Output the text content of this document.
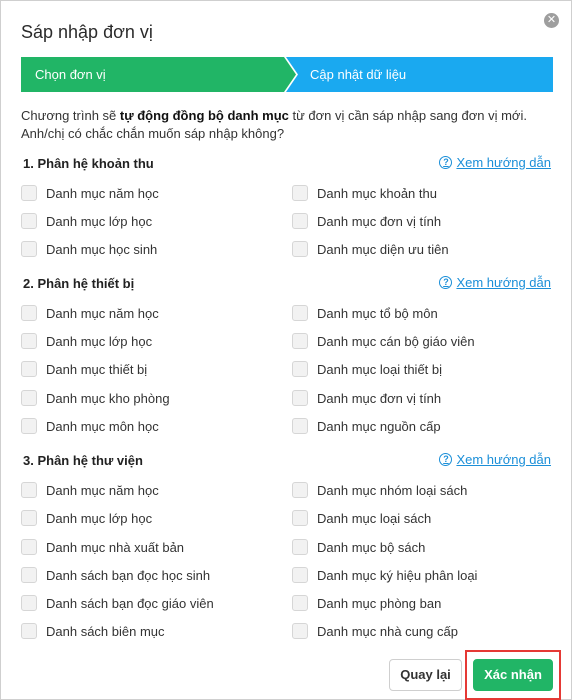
Sáp nhập đơn vị
✕
Chọn đơn vị	Cập nhật dữ liệu
Chương trình sẽ tự động đồng bộ danh mục từ đơn vị cần sáp nhập sang đơn vị mới. Anh/chị có chắc chắn muốn sáp nhập không?
1. Phân hệ khoản thu	? Xem hướng dẫn
Danh mục năm học
Danh mục lớp học
Danh mục học sinh
Danh mục khoản thu
Danh mục đơn vị tính
Danh mục diện ưu tiên
2. Phân hệ thiết bị	? Xem hướng dẫn
Danh mục năm học
Danh mục lớp học
Danh mục thiết bị
Danh mục kho phòng
Danh mục môn học
Danh mục tổ bộ môn
Danh mục cán bộ giáo viên
Danh mục loại thiết bị
Danh mục đơn vị tính
Danh mục nguồn cấp
3. Phân hệ thư viện	? Xem hướng dẫn
Danh mục năm học
Danh mục lớp học
Danh mục nhà xuất bản
Danh sách bạn đọc học sinh
Danh sách bạn đọc giáo viên
Danh sách biên mục
Danh mục nhóm loại sách
Danh mục loại sách
Danh mục bộ sách
Danh mục ký hiệu phân loại
Danh mục phòng ban
Danh mục nhà cung cấp
Quay lại	Xác nhận
